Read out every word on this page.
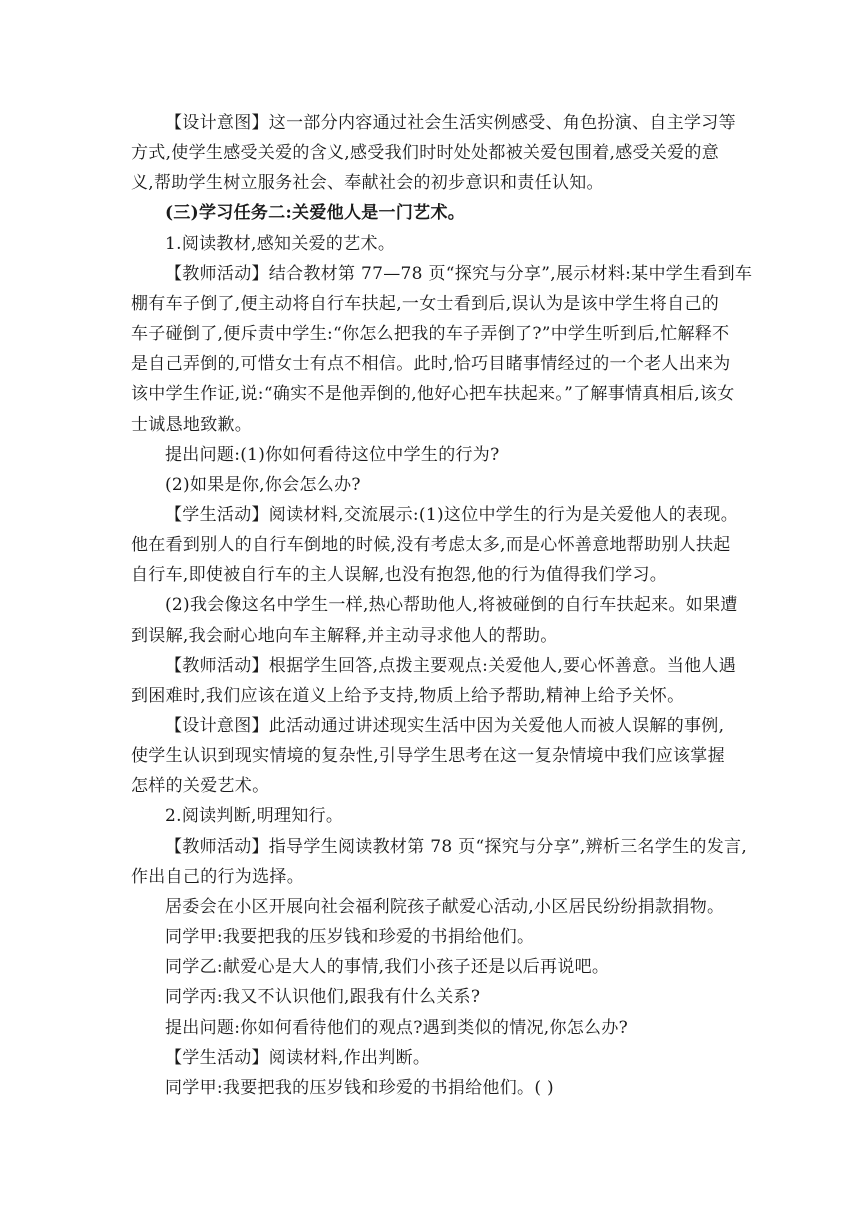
【设计意图】这一部分内容通过社会生活实例感受、角色扮演、自主学习等
方式,使学生感受关爱的含义,感受我们时时处处都被关爱包围着,感受关爱的意
义,帮助学生树立服务社会、奉献社会的初步意识和责任认知。
(三)学习任务二:关爱他人是一门艺术。
1.阅读教材,感知关爱的艺术。
【教师活动】结合教材第 77—78 页“探究与分享”,展示材料:某中学生看到车
棚有车子倒了,便主动将自行车扶起,一女士看到后,误认为是该中学生将自己的
车子碰倒了,便斥责中学生:“你怎么把我的车子弄倒了?”中学生听到后,忙解释不
是自己弄倒的,可惜女士有点不相信。此时,恰巧目睹事情经过的一个老人出来为
该中学生作证,说:“确实不是他弄倒的,他好心把车扶起来。”了解事情真相后,该女
士诚恳地致歉。
提出问题:(1)你如何看待这位中学生的行为?
(2)如果是你,你会怎么办?
【学生活动】阅读材料,交流展示:(1)这位中学生的行为是关爱他人的表现。
他在看到别人的自行车倒地的时候,没有考虑太多,而是心怀善意地帮助别人扶起
自行车,即使被自行车的主人误解,也没有抱怨,他的行为值得我们学习。
(2)我会像这名中学生一样,热心帮助他人,将被碰倒的自行车扶起来。如果遭
到误解,我会耐心地向车主解释,并主动寻求他人的帮助。
【教师活动】根据学生回答,点拨主要观点:关爱他人,要心怀善意。当他人遇
到困难时,我们应该在道义上给予支持,物质上给予帮助,精神上给予关怀。
【设计意图】此活动通过讲述现实生活中因为关爱他人而被人误解的事例,
使学生认识到现实情境的复杂性,引导学生思考在这一复杂情境中我们应该掌握
怎样的关爱艺术。
2.阅读判断,明理知行。
【教师活动】指导学生阅读教材第 78 页“探究与分享”,辨析三名学生的发言,
作出自己的行为选择。
居委会在小区开展向社会福利院孩子献爱心活动,小区居民纷纷捐款捐物。
同学甲:我要把我的压岁钱和珍爱的书捐给他们。
同学乙:献爱心是大人的事情,我们小孩子还是以后再说吧。
同学丙:我又不认识他们,跟我有什么关系?
提出问题:你如何看待他们的观点?遇到类似的情况,你怎么办?
【学生活动】阅读材料,作出判断。
同学甲:我要把我的压岁钱和珍爱的书捐给他们。( )
